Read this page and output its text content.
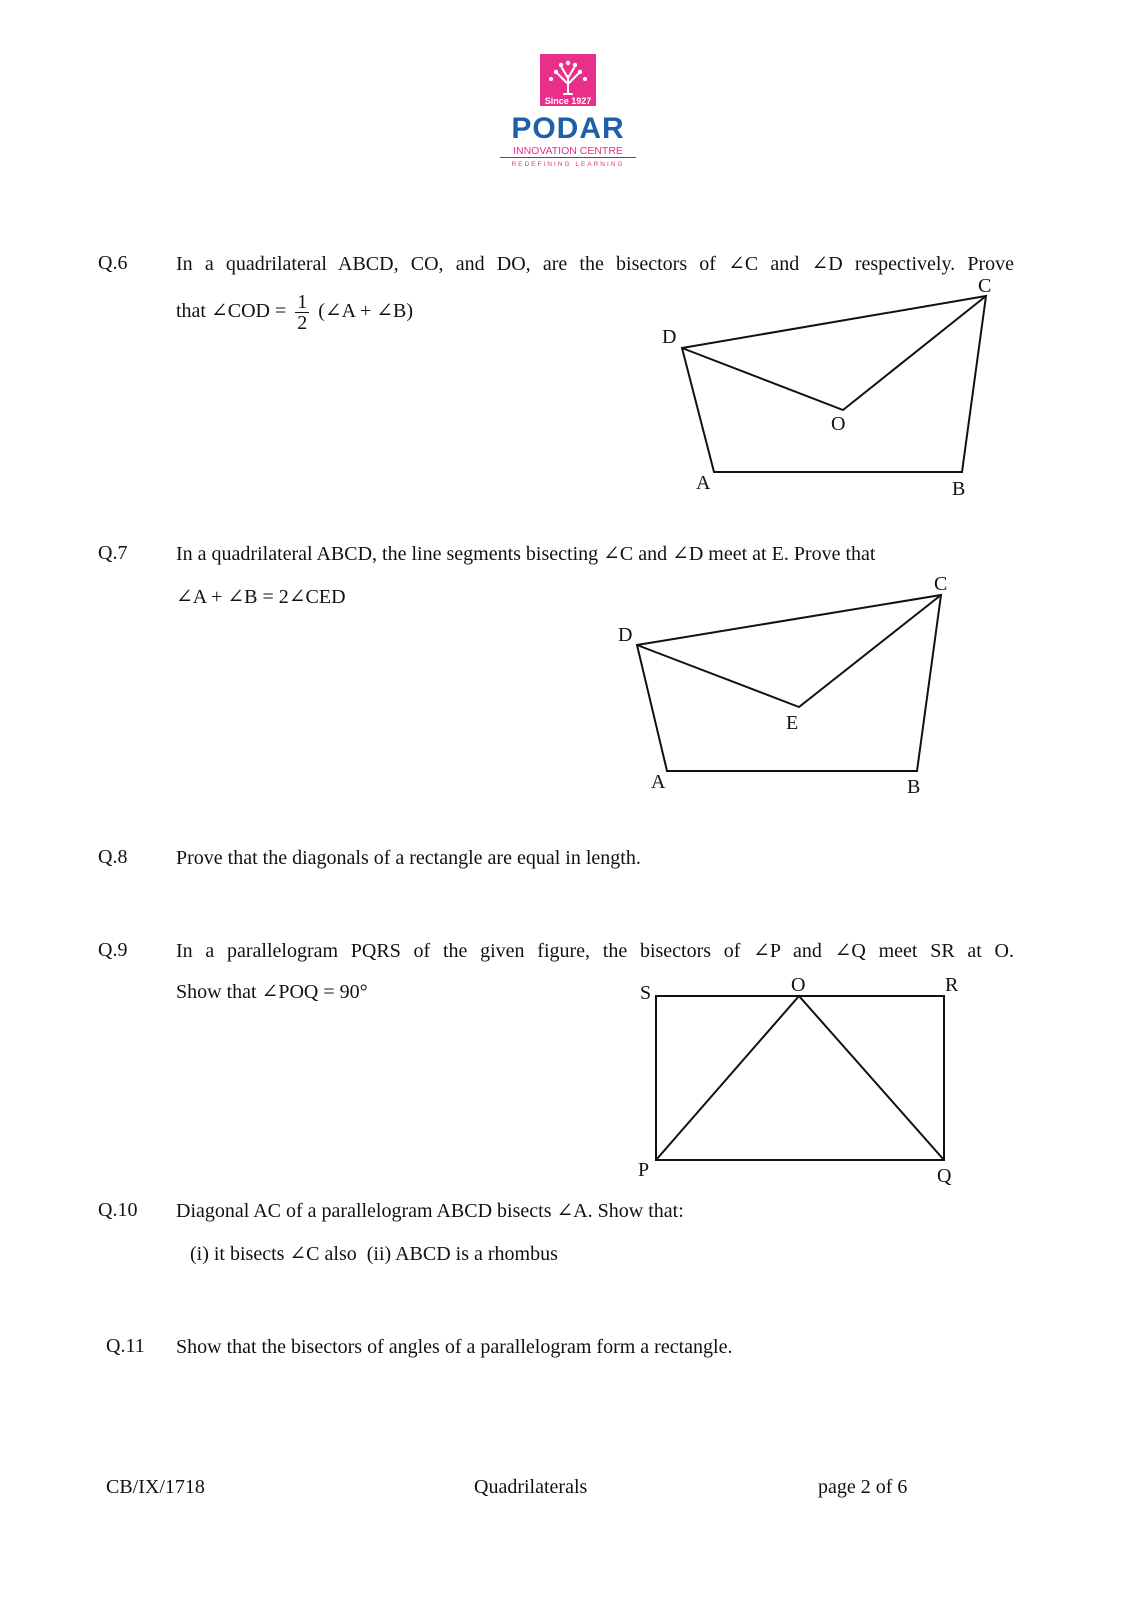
Since 1927
PODAR
INNOVATION CENTRE
REDEFINING LEARNING
Q.6 In a quadrilateral ABCD, CO, and DO, are the bisectors of ∠C and ∠D respectively. Prove
that ∠COD = $\frac{1}{2}$ (∠A + ∠B)
C
D
O
A	B
Q.7 In a quadrilateral ABCD, the line segments bisecting ∠C and ∠D meet at E. Prove that
∠A + ∠B = 2∠CED
C
D
E
A	B
Q.8 Prove that the diagonals of a rectangle are equal in length.
Q.9 In a parallelogram PQRS of the given figure, the bisectors of ∠P and ∠Q meet SR at O.
Show that ∠POQ = 90°	S	O	R
P	Q
Q.10 Diagonal AC of a parallelogram ABCD bisects ∠A. Show that:
(i) it bisects ∠C also  (ii) ABCD is a rhombus
Q.11 Show that the bisectors of angles of a parallelogram form a rectangle.
CB/IX/1718	Quadrilaterals	page 2 of 6
